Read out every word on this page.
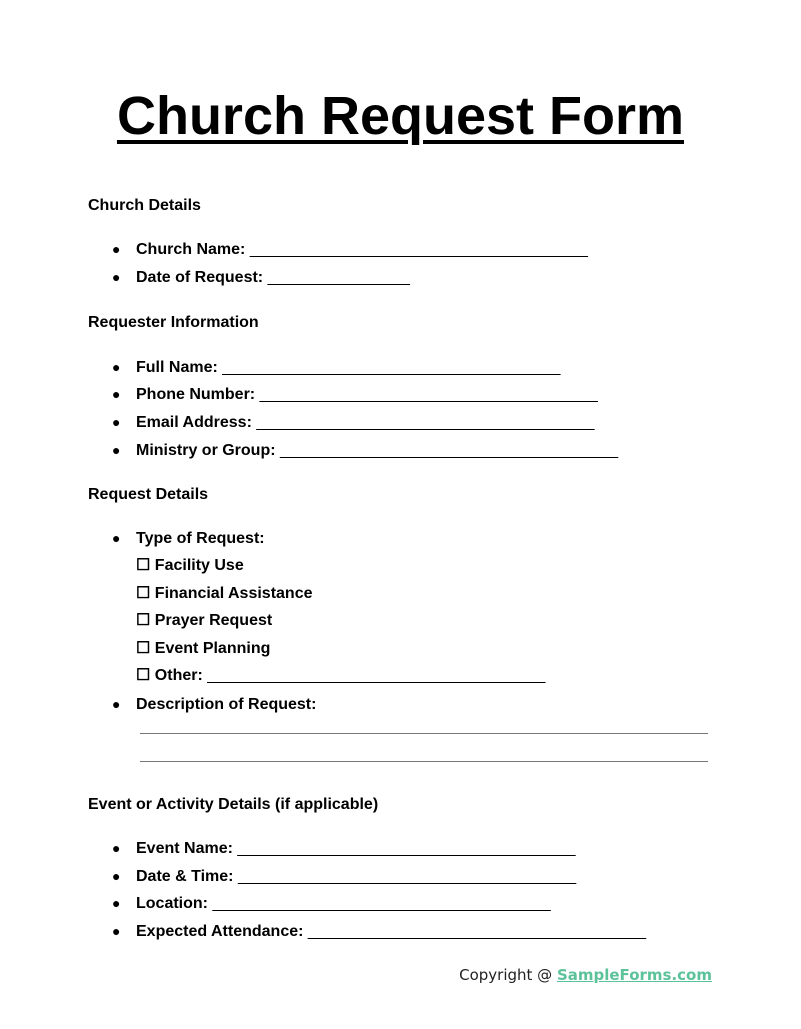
Church Request Form
Church Details
● Church Name: ______________________________________
● Date of Request: ________________
Requester Information
● Full Name: ______________________________________
● Phone Number: ______________________________________
● Email Address: ______________________________________
● Ministry or Group: ______________________________________
Request Details
● Type of Request:
☐ Facility Use
☐ Financial Assistance
☐ Prayer Request
☐ Event Planning
☐ Other: ______________________________________
● Description of Request:
Event or Activity Details (if applicable)
● Event Name: ______________________________________
● Date & Time: ______________________________________
● Location: ______________________________________
● Expected Attendance: ______________________________________
Copyright @ SampleForms.com
